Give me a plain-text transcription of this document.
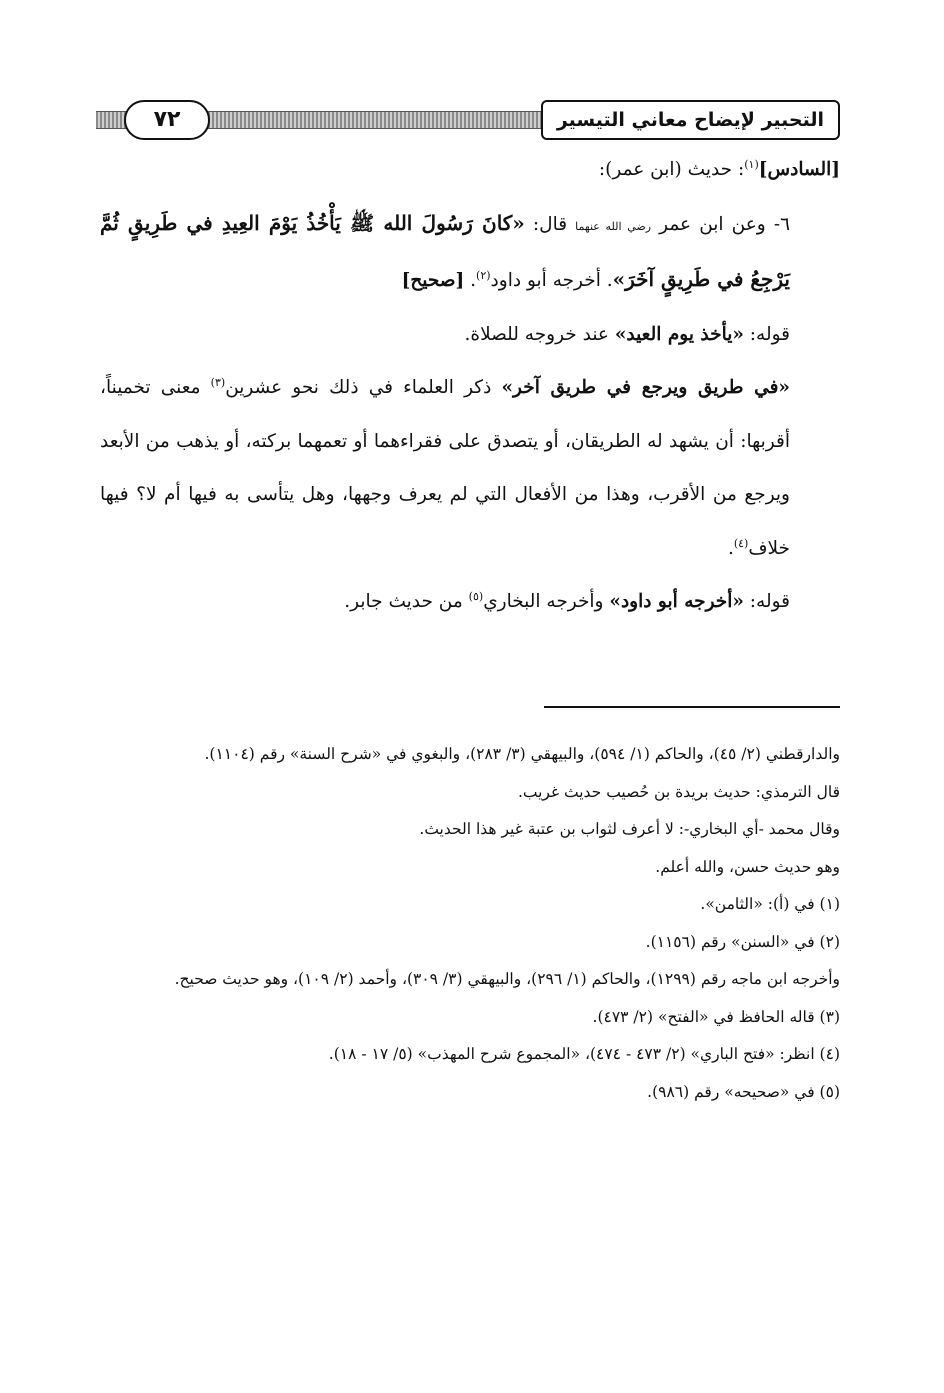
التحبير لإيضاح معاني التيسير
٧٢

[السادس]$^{(١)}$: حديث (ابن عمر):

٦- وعن ابن عمر رضي الله عنهما قال: «كانَ رَسُولَ الله ﷺ يَأْخُذُ يَوْمَ العِيدِ في طَرِيقٍ ثُمَّ يَرْجِعُ في طَرِيقٍ آخَرَ». أخرجه أبو داود$^{(٢)}$. [صحيح]

قوله: «يأخذ يوم العيد» عند خروجه للصلاة.

«في طريق ويرجع في طريق آخر» ذكر العلماء في ذلك نحو عشرين$^{(٣)}$ معنى تخميناً، أقربها: أن يشهد له الطريقان، أو يتصدق على فقراءهما أو تعمهما بركته، أو يذهب من الأبعد ويرجع من الأقرب، وهذا من الأفعال التي لم يعرف وجهها، وهل يتأسى به فيها أم لا؟ فيها خلاف$^{(٤)}$.

قوله: «أخرجه أبو داود» وأخرجه البخاري$^{(٥)}$ من حديث جابر.

والدارقطني (٢/ ٤٥)، والحاكم (١/ ٥٩٤)، والبيهقي (٣/ ٢٨٣)، والبغوي في «شرح السنة» رقم (١١٠٤).

قال الترمذي: حديث بريدة بن حُصيب حديث غريب.

وقال محمد -أي البخاري-: لا أعرف لثواب بن عتبة غير هذا الحديث.

وهو حديث حسن، والله أعلم.

(١) في (أ): «الثامن».

(٢) في «السنن» رقم (١١٥٦).

وأخرجه ابن ماجه رقم (١٢٩٩)، والحاكم (١/ ٢٩٦)، والبيهقي (٣/ ٣٠٩)، وأحمد (٢/ ١٠٩)، وهو حديث صحيح.

(٣) قاله الحافظ في «الفتح» (٢/ ٤٧٣).

(٤) انظر: «فتح الباري» (٢/ ٤٧٣ - ٤٧٤)، «المجموع شرح المهذب» (٥/ ١٧ - ١٨).

(٥) في «صحيحه» رقم (٩٨٦).
